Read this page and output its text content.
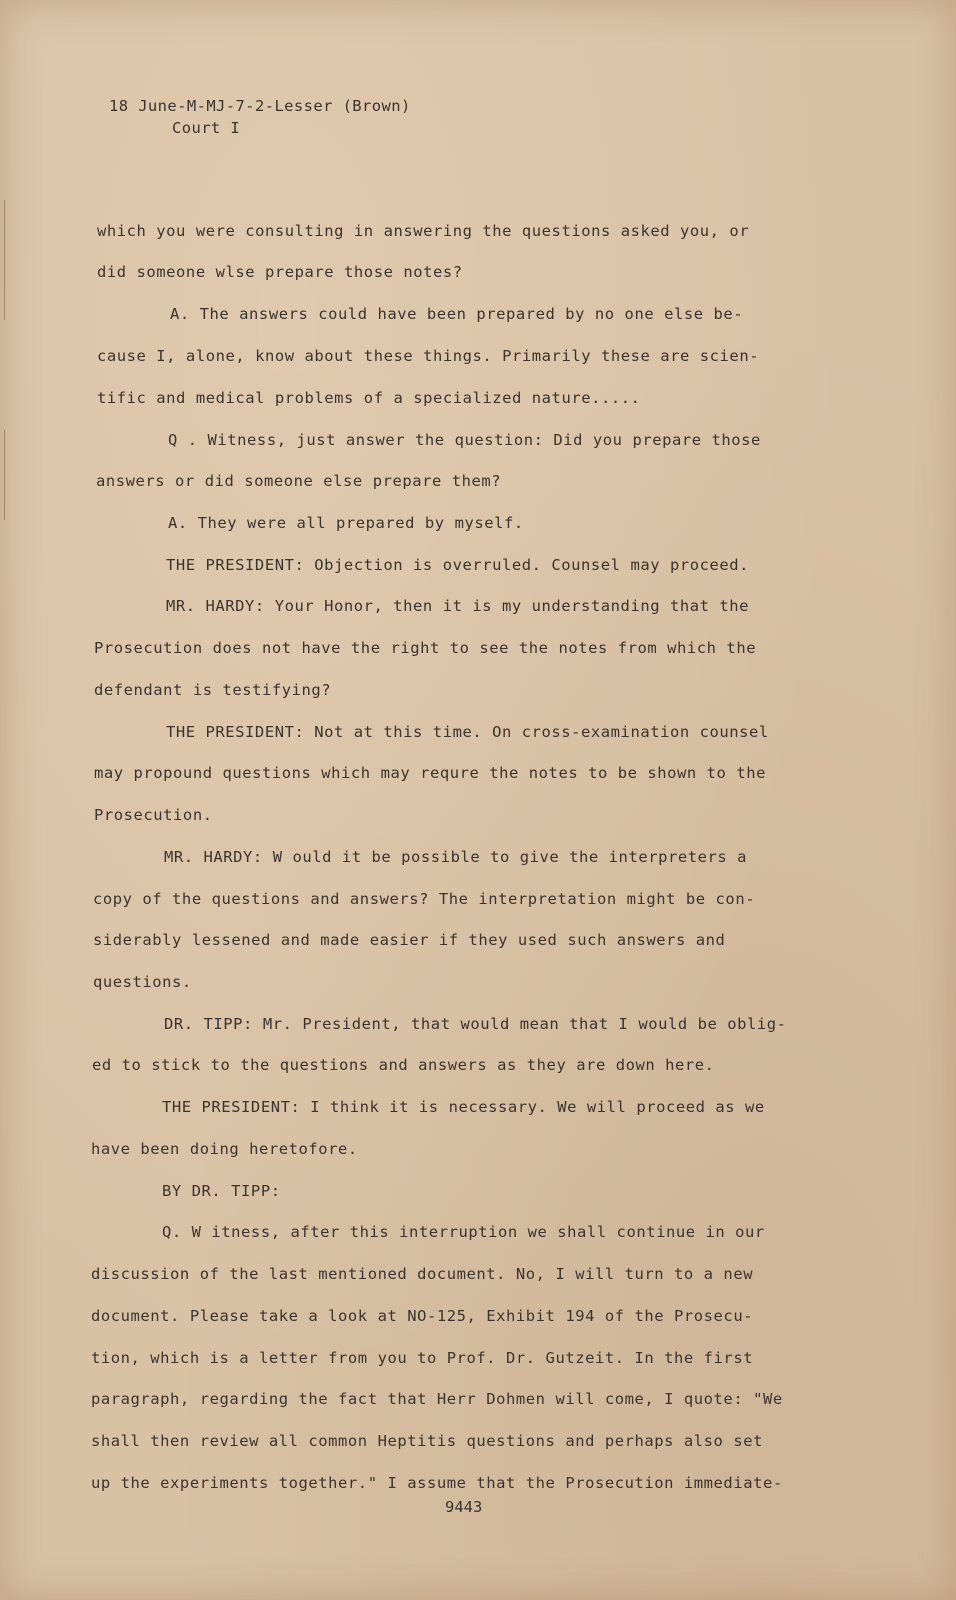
18 June-M-MJ-7-2-Lesser (Brown)
Court I
which you were consulting in answering the questions asked you, or
did someone wlse prepare those notes?
A. The answers could have been prepared by no one else be-
cause I, alone, know about these things. Primarily these are scien-
tific and medical problems of a specialized nature.....
Q . Witness, just answer the question: Did you prepare those
answers or did someone else prepare them?
A. They were all prepared by myself.
THE PRESIDENT: Objection is overruled. Counsel may proceed.
MR. HARDY: Your Honor, then it is my understanding that the
Prosecution does not have the right to see the notes from which the
defendant is testifying?
THE PRESIDENT: Not at this time. On cross-examination counsel
may propound questions which may requre the notes to be shown to the
Prosecution.
MR. HARDY: W ould it be possible to give the interpreters a
copy of the questions and answers? The interpretation might be con-
siderably lessened and made easier if they used such answers and
questions.
DR. TIPP: Mr. President, that would mean that I would be oblig-
ed to stick to the questions and answers as they are down here.
THE PRESIDENT: I think it is necessary. We will proceed as we
have been doing heretofore.
BY DR. TIPP:
Q. W itness, after this interruption we shall continue in our
discussion of the last mentioned document. No, I will turn to a new
document. Please take a look at NO-125, Exhibit 194 of the Prosecu-
tion, which is a letter from you to Prof. Dr. Gutzeit. In the first
paragraph, regarding the fact that Herr Dohmen will come, I quote: "We
shall then review all common Heptitis questions and perhaps also set
up the experiments together." I assume that the Prosecution immediate-
9443
